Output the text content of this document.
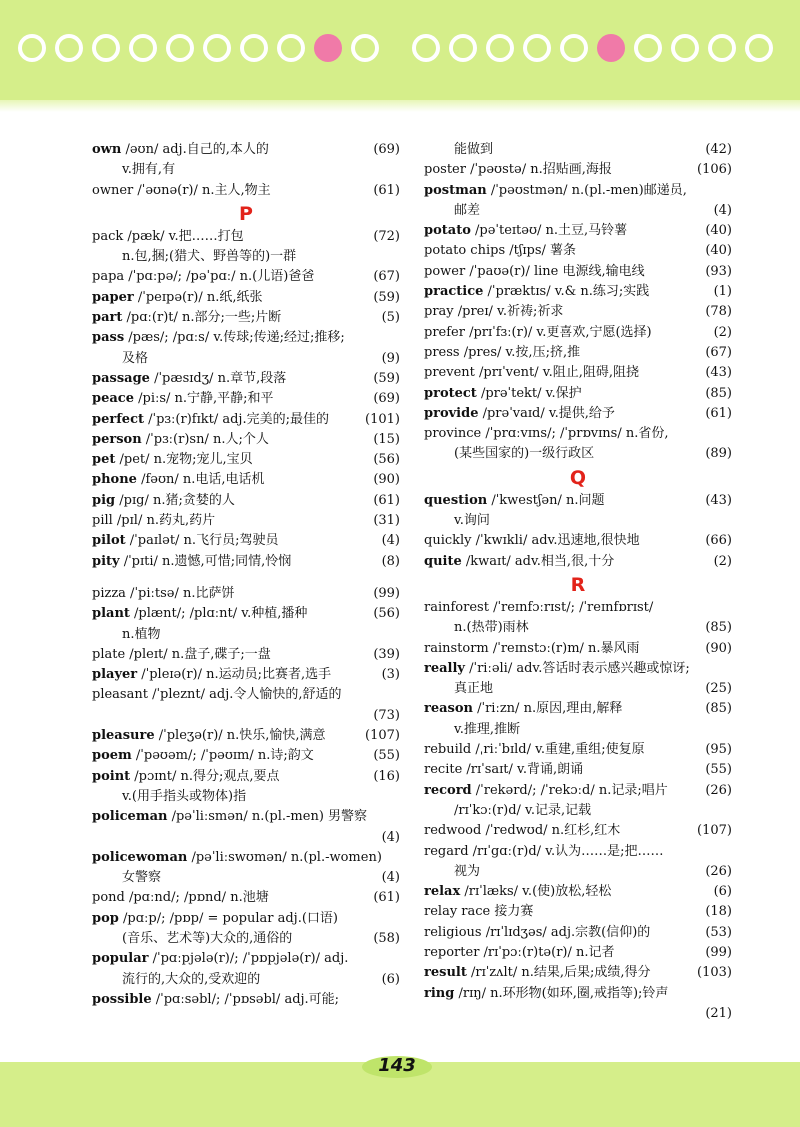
own /əʊn/ adj.自己的,本人的	(69)
v.拥有,有
owner /ˈəʊnə(r)/ n.主人,物主	(61)
P
pack /pæk/ v.把……打包	(72)
n.包,捆;(猎犬、野兽等的)一群
papa /ˈpɑːpə/; /pəˈpɑː/ n.(儿语)爸爸	(67)
paper /ˈpeɪpə(r)/ n.纸,纸张	(59)
part /pɑː(r)t/ n.部分;一些;片断	(5)
pass /pæs/; /pɑːs/ v.传球;传递;经过;推移;
及格	(9)
passage /ˈpæsɪdʒ/ n.章节,段落	(59)
peace /piːs/ n.宁静,平静;和平	(69)
perfect /ˈpɜː(r)fɪkt/ adj.完美的;最佳的	(101)
person /ˈpɜː(r)sn/ n.人;个人	(15)
pet /pet/ n.宠物;宠儿,宝贝	(56)
phone /fəʊn/ n.电话,电话机	(90)
pig /pɪg/ n.猪;贪婪的人	(61)
pill /pɪl/ n.药丸,药片	(31)
pilot /ˈpaɪlət/ n.飞行员;驾驶员	(4)
pity /ˈpɪti/ n.遗憾,可惜;同情,怜悯	(8)
pizza /ˈpiːtsə/ n.比萨饼	(99)
plant /plænt/; /plɑːnt/ v.种植,播种	(56)
n.植物
plate /pleɪt/ n.盘子,碟子;一盘	(39)
player /ˈpleɪə(r)/ n.运动员;比赛者,选手	(3)
pleasant /ˈpleznt/ adj.令人愉快的,舒适的
(73)
pleasure /ˈpleʒə(r)/ n.快乐,愉快,满意	(107)
poem /ˈpəʊəm/; /ˈpəʊɪm/ n.诗;韵文	(55)
point /pɔɪnt/ n.得分;观点,要点	(16)
v.(用手指头或物体)指
policeman /pəˈliːsmən/ n.(pl.-men) 男警察
(4)
policewoman /pəˈliːswʊmən/ n.(pl.-women)
女警察	(4)
pond /pɑːnd/; /pɒnd/ n.池塘	(61)
pop /pɑːp/; /pɒp/ = popular adj.(口语)
(音乐、艺术等)大众的,通俗的	(58)
popular /ˈpɑːpjələ(r)/; /ˈpɒpjələ(r)/ adj.
流行的,大众的,受欢迎的	(6)
possible /ˈpɑːsəbl/; /ˈpɒsəbl/ adj.可能;
能做到	(42)
poster /ˈpəʊstə/ n.招贴画,海报	(106)
postman /ˈpəʊstmən/ n.(pl.-men)邮递员,
邮差	(4)
potato /pəˈteɪtəʊ/ n.土豆,马铃薯	(40)
potato chips /tʃɪps/ 薯条	(40)
power /ˈpaʊə(r)/ line 电源线,输电线	(93)
practice /ˈpræktɪs/ v.& n.练习;实践	(1)
pray /preɪ/ v.祈祷;祈求	(78)
prefer /prɪˈfɜː(r)/ v.更喜欢,宁愿(选择)	(2)
press /pres/ v.按,压;挤,推	(67)
prevent /prɪˈvent/ v.阻止,阻碍,阻挠	(43)
protect /prəˈtekt/ v.保护	(85)
provide /prəˈvaɪd/ v.提供,给予	(61)
province /ˈprɑːvɪns/; /ˈprɒvɪns/ n.省份,
(某些国家的)一级行政区	(89)
Q
question /ˈkwestʃən/ n.问题	(43)
v.询问
quickly /ˈkwɪkli/ adv.迅速地,很快地	(66)
quite /kwaɪt/ adv.相当,很,十分	(2)
R
rainforest /ˈreɪnfɔːrɪst/; /ˈreɪnfɒrɪst/
n.(热带)雨林	(85)
rainstorm /ˈreɪnstɔː(r)m/ n.暴风雨	(90)
really /ˈriːəli/ adv.答话时表示感兴趣或惊讶;
真正地	(25)
reason /ˈriːzn/ n.原因,理由,解释	(85)
v.推理,推断
rebuild /ˌriːˈbɪld/ v.重建,重组;使复原	(95)
recite /rɪˈsaɪt/ v.背诵,朗诵	(55)
record /ˈrekərd/; /ˈrekɔːd/ n.记录;唱片	(26)
/rɪˈkɔː(r)d/ v.记录,记载
redwood /ˈredwʊd/ n.红杉,红木	(107)
regard /rɪˈgɑː(r)d/ v.认为……是;把……
视为	(26)
relax /rɪˈlæks/ v.(使)放松,轻松	(6)
relay race 接力赛	(18)
religious /rɪˈlɪdʒəs/ adj.宗教(信仰)的	(53)
reporter /rɪˈpɔː(r)tə(r)/ n.记者	(99)
result /rɪˈzʌlt/ n.结果,后果;成绩,得分	(103)
ring /rɪŋ/ n.环形物(如环,圈,戒指等);铃声
(21)
143
